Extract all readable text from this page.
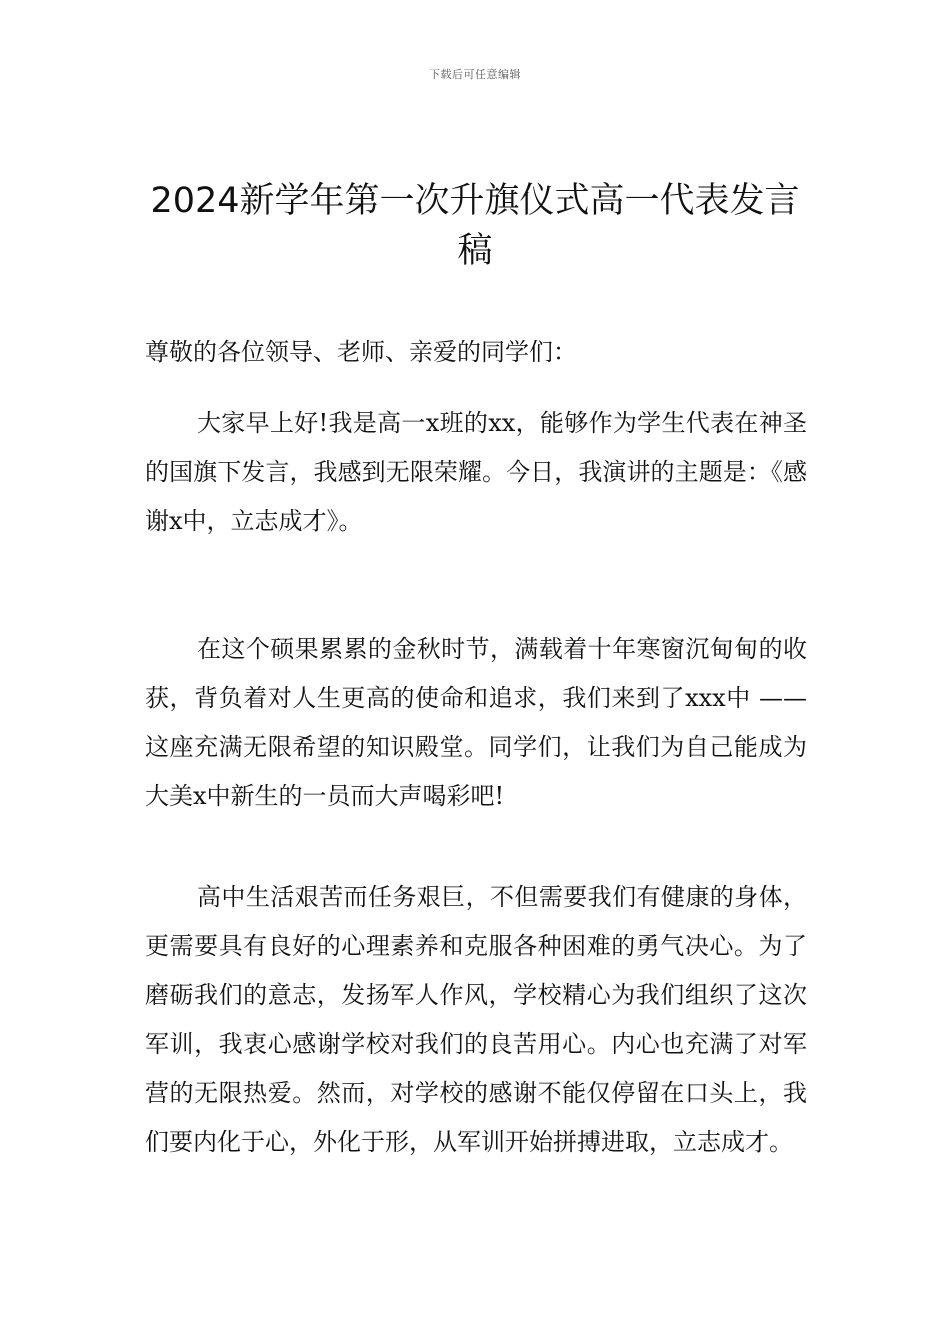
下载后可任意编辑
2024新学年第一次升旗仪式高一代表发言稿

尊敬的各位领导、老师、亲爱的同学们：

大家早上好!我是高一x班的xx，能够作为学生代表在神圣的国旗下发言，我感到无限荣耀。今日，我演讲的主题是：《感谢x中，立志成才》。

在这个硕果累累的金秋时节，满载着十年寒窗沉甸甸的收获，背负着对人生更高的使命和追求，我们来到了xxx中 ——这座充满无限希望的知识殿堂。同学们，让我们为自己能成为大美x中新生的一员而大声喝彩吧!

高中生活艰苦而任务艰巨，不但需要我们有健康的身体，更需要具有良好的心理素养和克服各种困难的勇气决心。为了磨砺我们的意志，发扬军人作风，学校精心为我们组织了这次军训，我衷心感谢学校对我们的良苦用心。内心也充满了对军营的无限热爱。然而，对学校的感谢不能仅停留在口头上，我们要内化于心，外化于形，从军训开始拼搏进取，立志成才。
